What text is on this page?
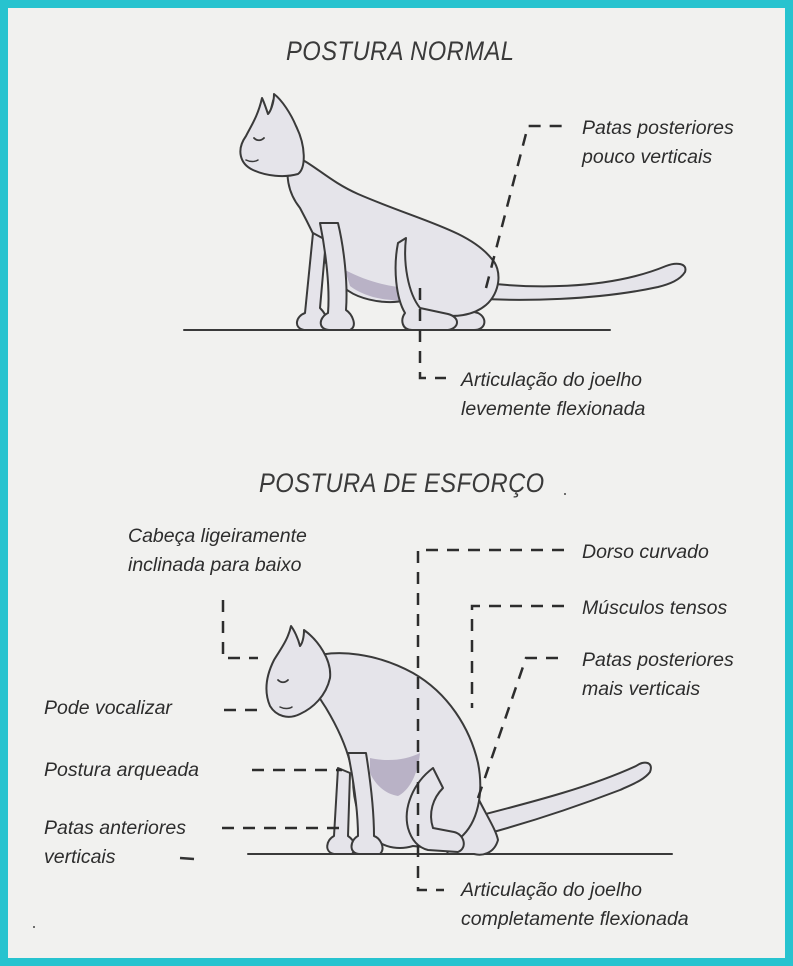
POSTURA NORMAL
POSTURA DE ESFORÇO
Patas posteriores
pouco verticais
Articulação do joelho
levemente flexionada
Cabeça ligeiramente
inclinada para baixo
Dorso curvado
Músculos tensos
Patas posteriores
mais verticais
Pode vocalizar
Postura arqueada
Patas anteriores
verticais
Articulação do joelho
completamente flexionada
